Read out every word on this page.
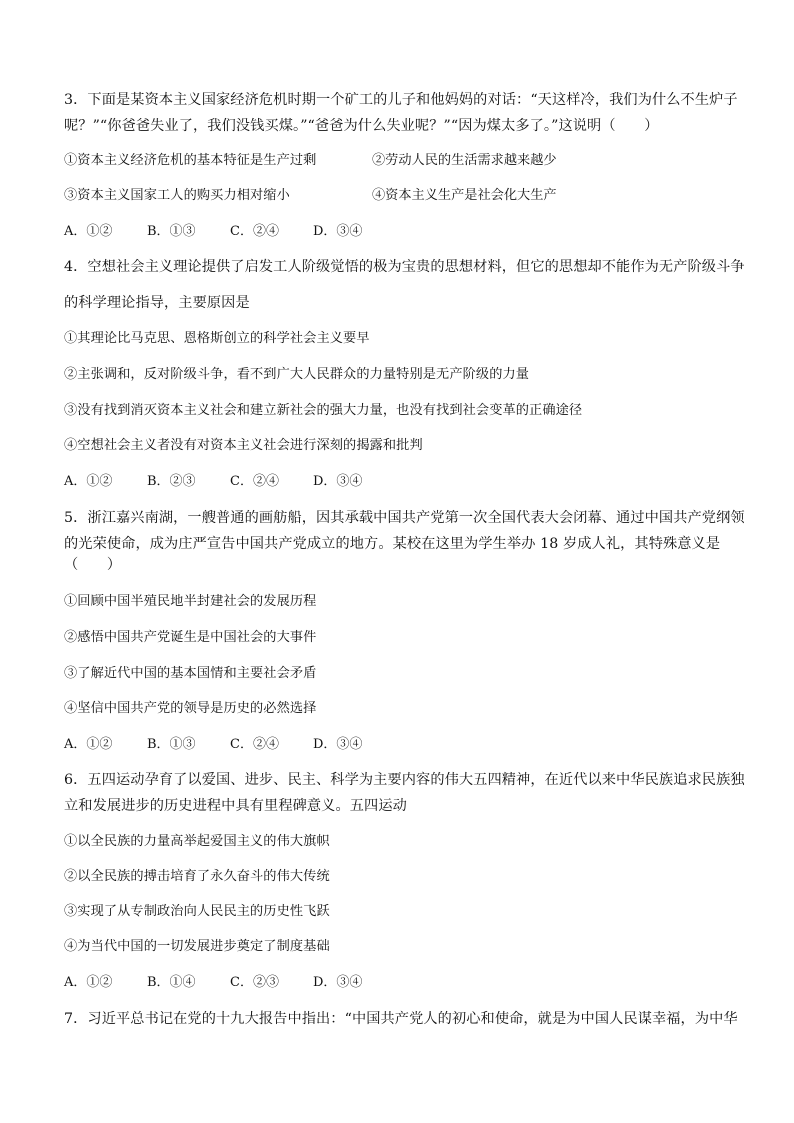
3．下面是某资本主义国家经济危机时期一个矿工的儿子和他妈妈的对话：“天这样冷，我们为什么不生炉子
呢？”“你爸爸失业了，我们没钱买煤。”“爸爸为什么失业呢？”“因为煤太多了。”这说明（　　）
①资本主义经济危机的基本特征是生产过剩	②劳动人民的生活需求越来越少
③资本主义国家工人的购买力相对缩小	④资本主义生产是社会化大生产
A．①②	B．①③	C．②④	D．③④
4．空想社会主义理论提供了启发工人阶级觉悟的极为宝贵的思想材料，但它的思想却不能作为无产阶级斗争
的科学理论指导，主要原因是
①其理论比马克思、恩格斯创立的科学社会主义要早
②主张调和，反对阶级斗争，看不到广大人民群众的力量特别是无产阶级的力量
③没有找到消灭资本主义社会和建立新社会的强大力量，也没有找到社会变革的正确途径
④空想社会主义者没有对资本主义社会进行深刻的揭露和批判
A．①②	B．②③	C．②④	D．③④
5．浙江嘉兴南湖，一艘普通的画舫船，因其承载中国共产党第一次全国代表大会闭幕、通过中国共产党纲领
的光荣使命，成为庄严宣告中国共产党成立的地方。某校在这里为学生举办 18 岁成人礼，其特殊意义是
（　　）
①回顾中国半殖民地半封建社会的发展历程
②感悟中国共产党诞生是中国社会的大事件
③了解近代中国的基本国情和主要社会矛盾
④坚信中国共产党的领导是历史的必然选择
A．①②	B．①③	C．②④	D．③④
6．五四运动孕育了以爱国、进步、民主、科学为主要内容的伟大五四精神，在近代以来中华民族追求民族独
立和发展进步的历史进程中具有里程碑意义。五四运动
①以全民族的力量高举起爱国主义的伟大旗帜
②以全民族的搏击培育了永久奋斗的伟大传统
③实现了从专制政治向人民民主的历史性飞跃
④为当代中国的一切发展进步奠定了制度基础
A．①②	B．①④	C．②③	D．③④
7．习近平总书记在党的十九大报告中指出：“中国共产党人的初心和使命，就是为中国人民谋幸福，为中华
